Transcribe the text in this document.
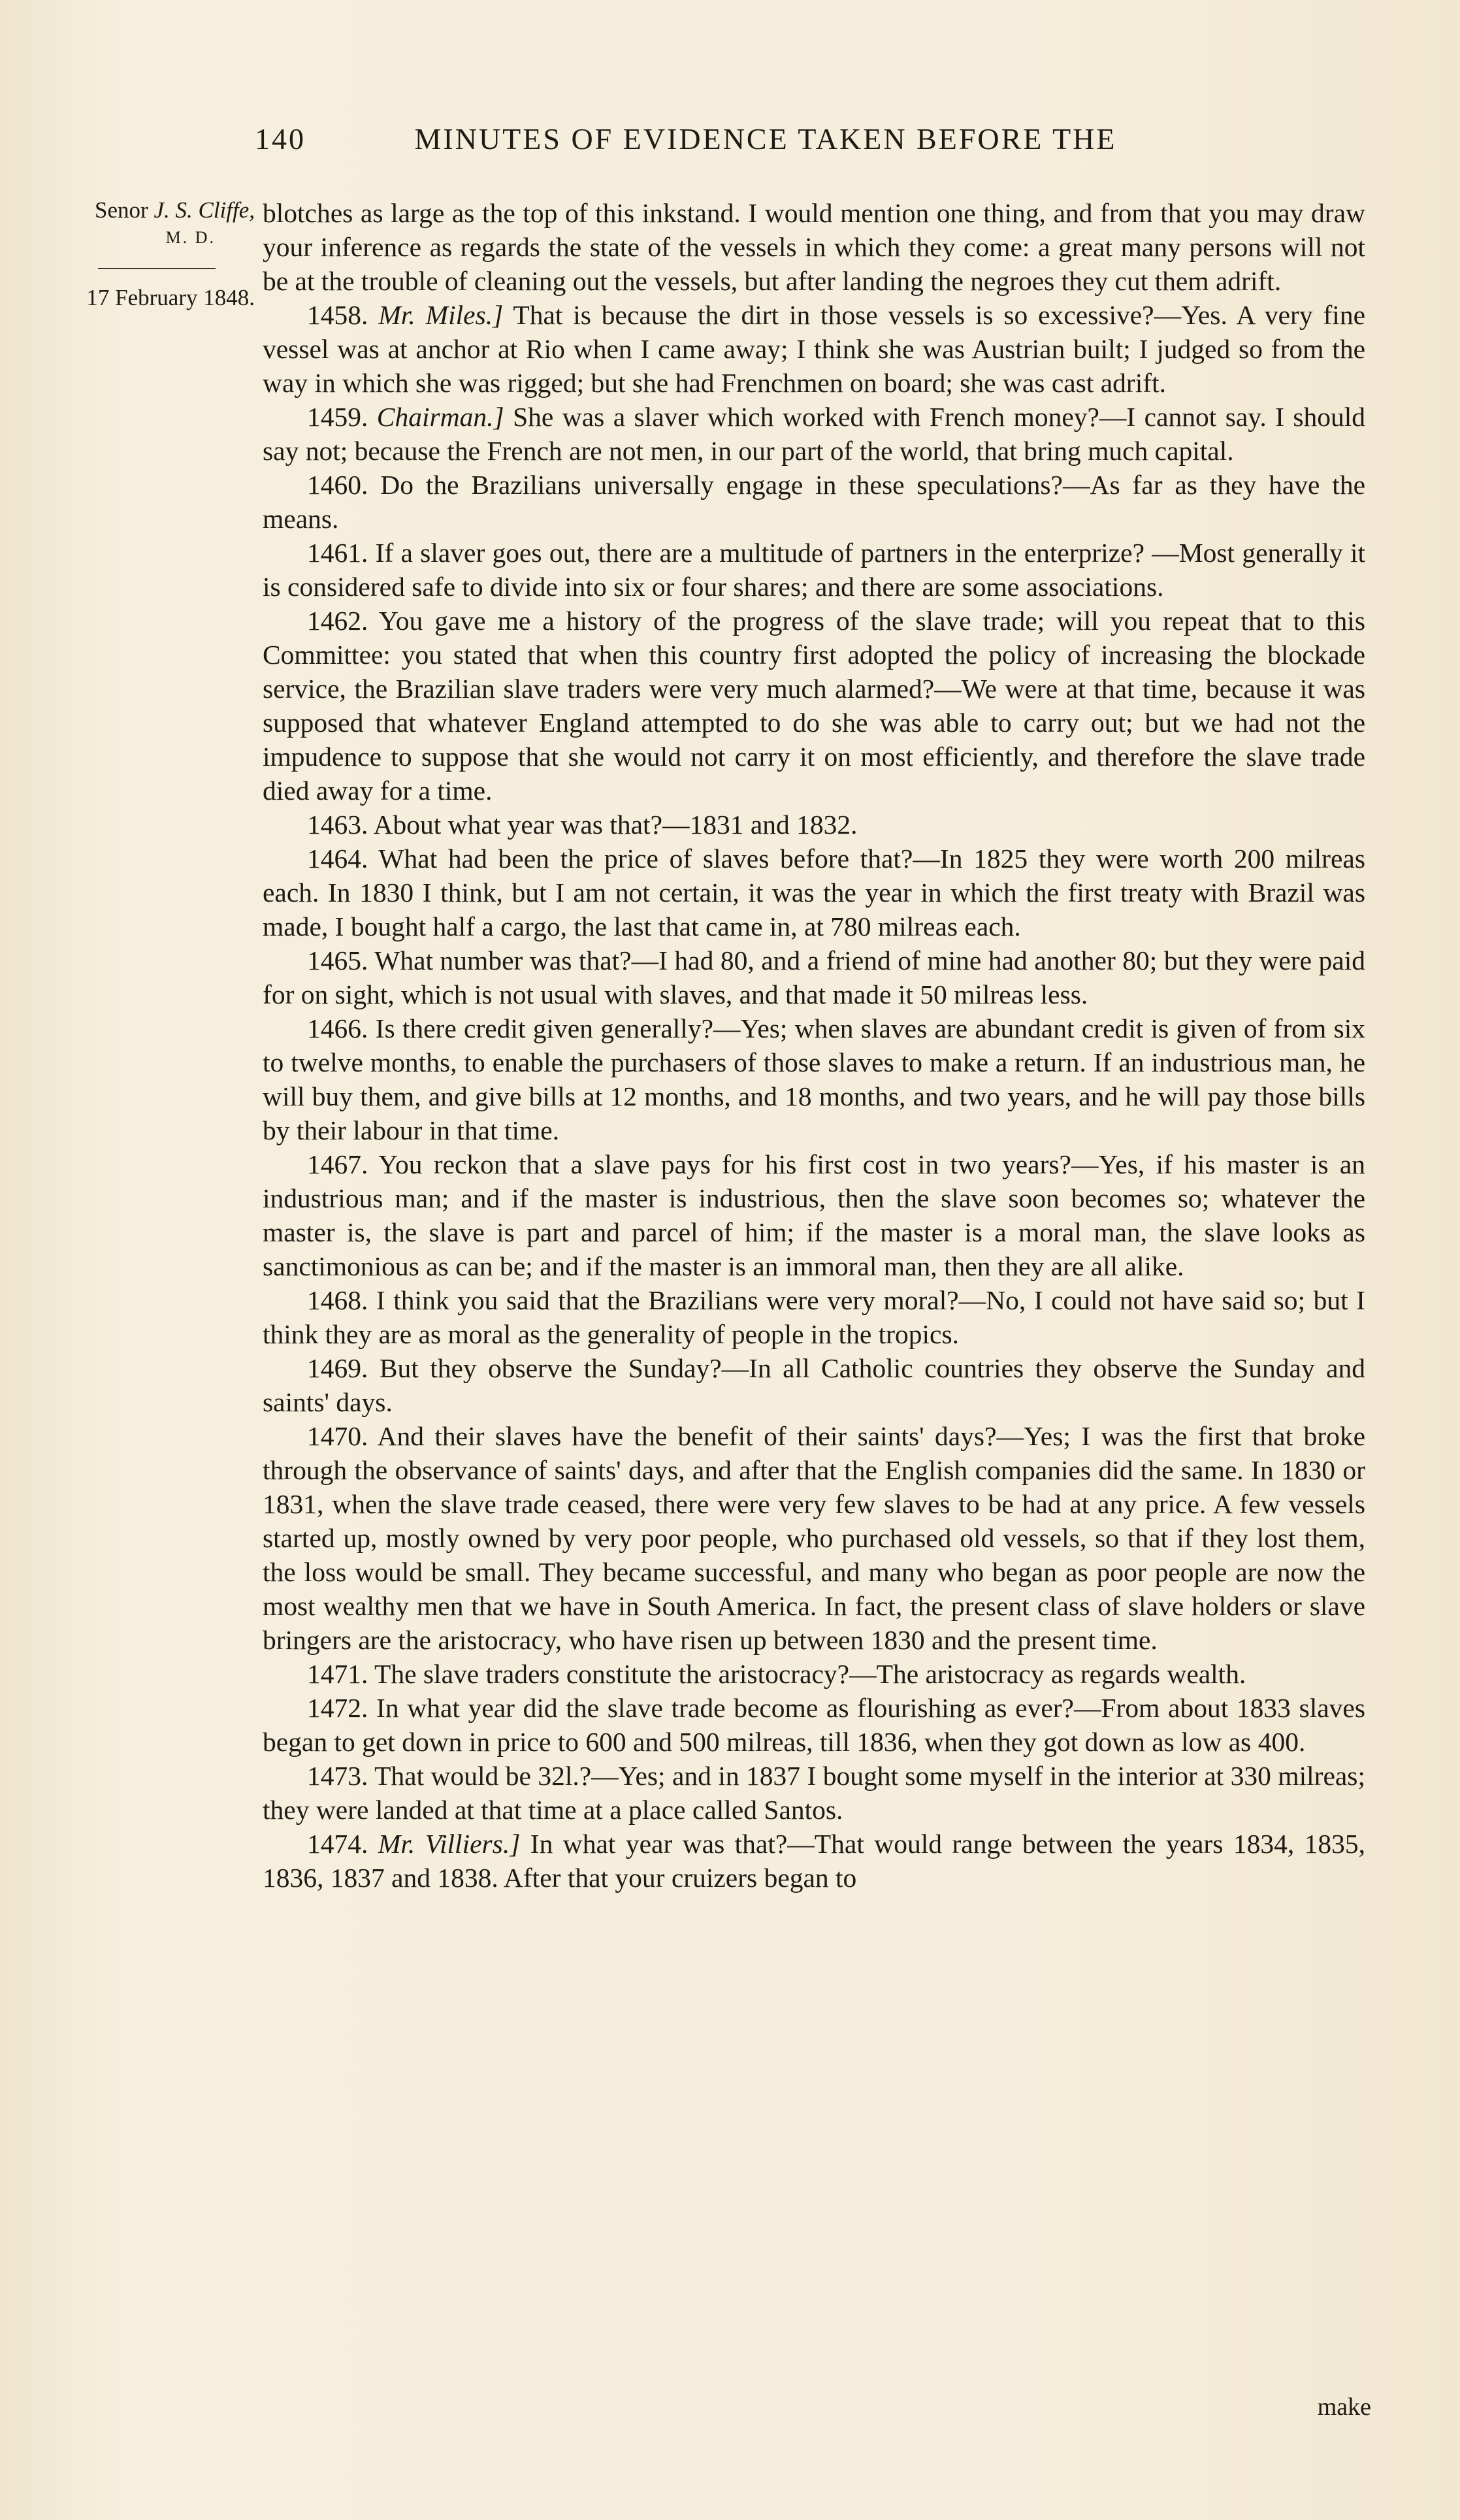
140	MINUTES OF EVIDENCE TAKEN BEFORE THE
Senor J. S. Cliffe,
M. D.
17 February 1848.

blotches as large as the top of this inkstand. I would mention one thing, and from that you may draw your inference as regards the state of the vessels in which they come: a great many persons will not be at the trouble of cleaning out the vessels, but after landing the negroes they cut them adrift.

1458. Mr. Miles.] That is because the dirt in those vessels is so excessive?—Yes. A very fine vessel was at anchor at Rio when I came away; I think she was Austrian built; I judged so from the way in which she was rigged; but she had Frenchmen on board; she was cast adrift.

1459. Chairman.] She was a slaver which worked with French money?—I cannot say. I should say not; because the French are not men, in our part of the world, that bring much capital.

1460. Do the Brazilians universally engage in these speculations?—As far as they have the means.

1461. If a slaver goes out, there are a multitude of partners in the enterprize? —Most generally it is considered safe to divide into six or four shares; and there are some associations.

1462. You gave me a history of the progress of the slave trade; will you repeat that to this Committee: you stated that when this country first adopted the policy of increasing the blockade service, the Brazilian slave traders were very much alarmed?—We were at that time, because it was supposed that whatever England attempted to do she was able to carry out; but we had not the impudence to suppose that she would not carry it on most efficiently, and therefore the slave trade died away for a time.

1463. About what year was that?—1831 and 1832.

1464. What had been the price of slaves before that?—In 1825 they were worth 200 milreas each. In 1830 I think, but I am not certain, it was the year in which the first treaty with Brazil was made, I bought half a cargo, the last that came in, at 780 milreas each.

1465. What number was that?—I had 80, and a friend of mine had another 80; but they were paid for on sight, which is not usual with slaves, and that made it 50 milreas less.

1466. Is there credit given generally?—Yes; when slaves are abundant credit is given of from six to twelve months, to enable the purchasers of those slaves to make a return. If an industrious man, he will buy them, and give bills at 12 months, and 18 months, and two years, and he will pay those bills by their labour in that time.

1467. You reckon that a slave pays for his first cost in two years?—Yes, if his master is an industrious man; and if the master is industrious, then the slave soon becomes so; whatever the master is, the slave is part and parcel of him; if the master is a moral man, the slave looks as sanctimonious as can be; and if the master is an immoral man, then they are all alike.

1468. I think you said that the Brazilians were very moral?—No, I could not have said so; but I think they are as moral as the generality of people in the tropics.

1469. But they observe the Sunday?—In all Catholic countries they observe the Sunday and saints' days.

1470. And their slaves have the benefit of their saints' days?—Yes; I was the first that broke through the observance of saints' days, and after that the English companies did the same. In 1830 or 1831, when the slave trade ceased, there were very few slaves to be had at any price. A few vessels started up, mostly owned by very poor people, who purchased old vessels, so that if they lost them, the loss would be small. They became successful, and many who began as poor people are now the most wealthy men that we have in South America. In fact, the present class of slave holders or slave bringers are the aristocracy, who have risen up between 1830 and the present time.

1471. The slave traders constitute the aristocracy?—The aristocracy as regards wealth.

1472. In what year did the slave trade become as flourishing as ever?—From about 1833 slaves began to get down in price to 600 and 500 milreas, till 1836, when they got down as low as 400.

1473. That would be 32l.?—Yes; and in 1837 I bought some myself in the interior at 330 milreas; they were landed at that time at a place called Santos.

1474. Mr. Villiers.] In what year was that?—That would range between the years 1834, 1835, 1836, 1837 and 1838. After that your cruizers began to

make
